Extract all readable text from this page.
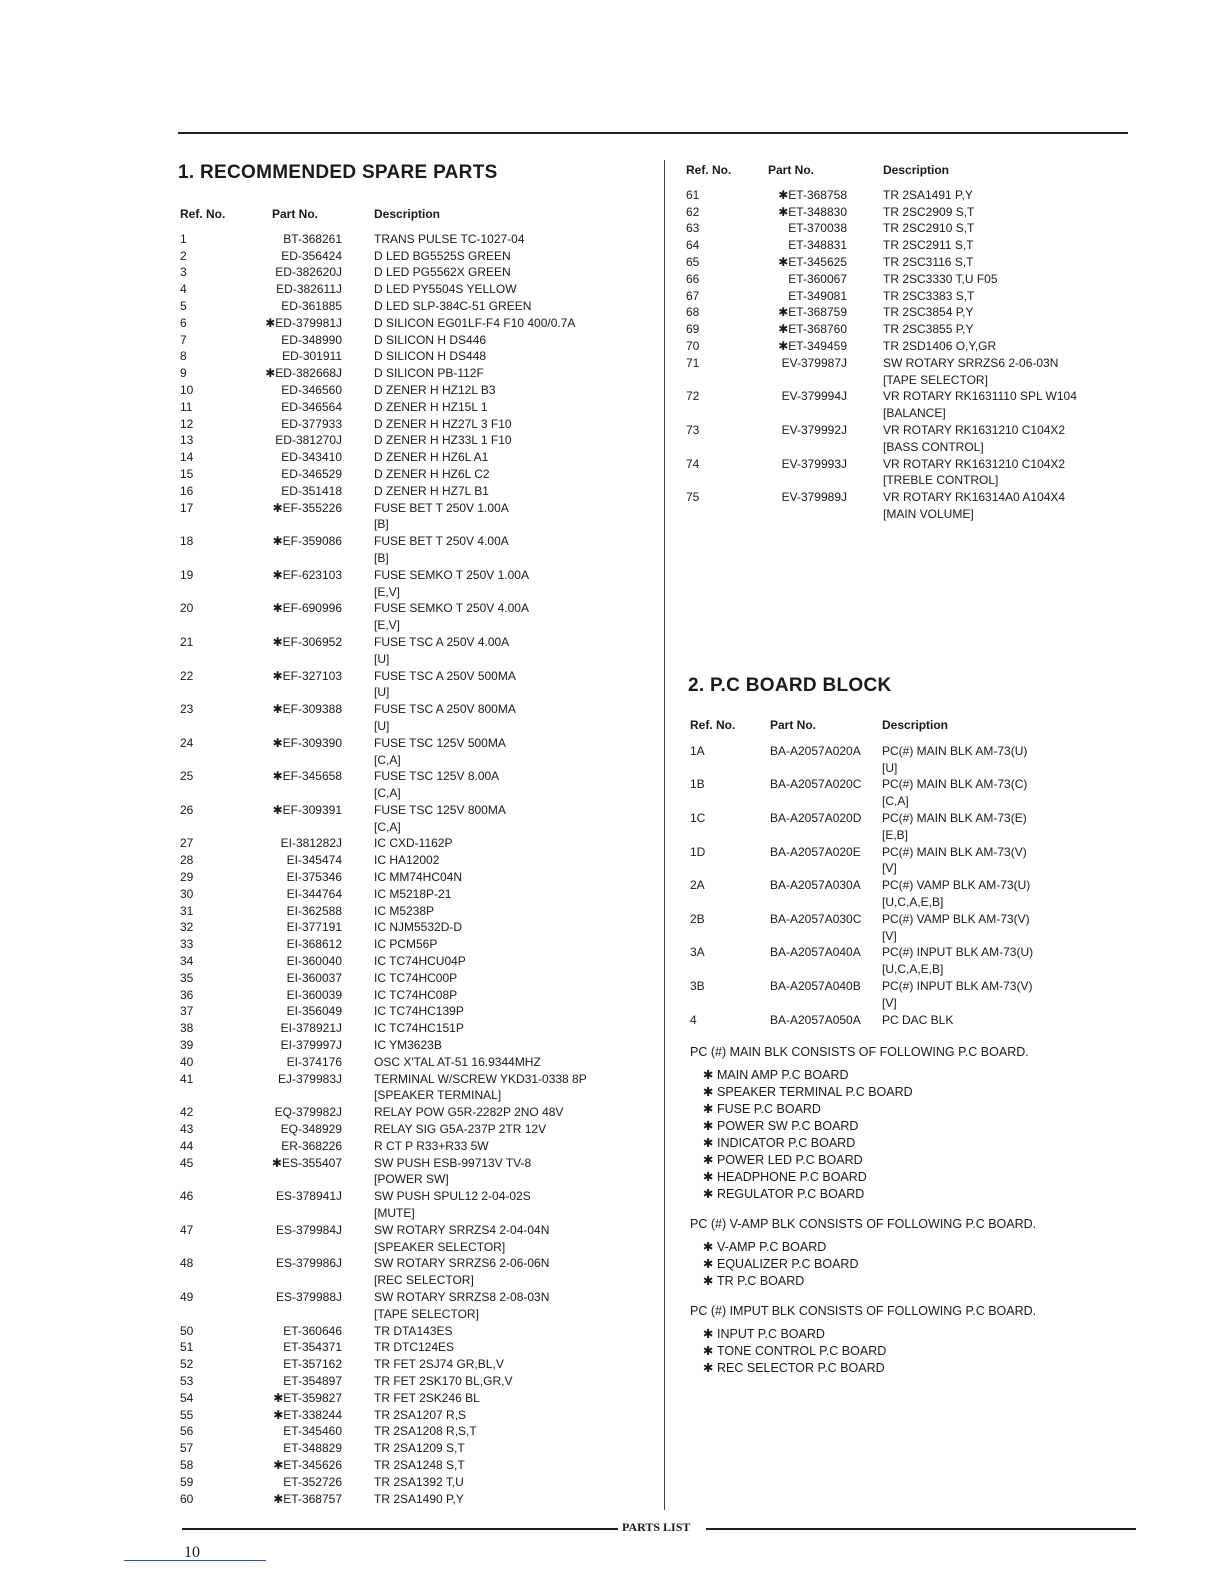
1. RECOMMENDED SPARE PARTS
Ref. No.	Part No.	Description
1	BT-368261	TRANS PULSE TC-1027-04
2	ED-356424	D LED BG5525S GREEN
3	ED-382620J	D LED PG5562X GREEN
4	ED-382611J	D LED PY5504S YELLOW
5	ED-361885	D LED SLP-384C-51 GREEN
6	✱ED-379981J	D SILICON EG01LF-F4 F10 400/0.7A
7	ED-348990	D SILICON H DS446
8	ED-301911	D SILICON H DS448
9	✱ED-382668J	D SILICON PB-112F
10	ED-346560	D ZENER H HZ12L B3
11	ED-346564	D ZENER H HZ15L 1
12	ED-377933	D ZENER H HZ27L 3 F10
13	ED-381270J	D ZENER H HZ33L 1 F10
14	ED-343410	D ZENER H HZ6L A1
15	ED-346529	D ZENER H HZ6L C2
16	ED-351418	D ZENER H HZ7L B1
17	✱EF-355226	FUSE BET T 250V 1.00A
[B]

18	✱EF-359086	FUSE BET T 250V 4.00A
[B]

19	✱EF-623103	FUSE SEMKO T 250V 1.00A
[E,V]

20	✱EF-690996	FUSE SEMKO T 250V 4.00A
[E,V]

21	✱EF-306952	FUSE TSC A 250V 4.00A
[U]

22	✱EF-327103	FUSE TSC A 250V 500MA
[U]

23	✱EF-309388	FUSE TSC A 250V 800MA
[U]

24	✱EF-309390	FUSE TSC 125V 500MA
[C,A]

25	✱EF-345658	FUSE TSC 125V 8.00A
[C,A]

26	✱EF-309391	FUSE TSC 125V 800MA
[C,A]

27	EI-381282J	IC CXD-1162P
28	EI-345474	IC HA12002
29	EI-375346	IC MM74HC04N
30	EI-344764	IC M5218P-21
31	EI-362588	IC M5238P
32	EI-377191	IC NJM5532D-D
33	EI-368612	IC PCM56P
34	EI-360040	IC TC74HCU04P
35	EI-360037	IC TC74HC00P
36	EI-360039	IC TC74HC08P
37	EI-356049	IC TC74HC139P
38	EI-378921J	IC TC74HC151P
39	EI-379997J	IC YM3623B
40	EI-374176	OSC X'TAL AT-51 16.9344MHZ
41	EJ-379983J	TERMINAL W/SCREW YKD31-0338 8P
[SPEAKER TERMINAL]

42	EQ-379982J	RELAY POW G5R-2282P 2NO 48V
43	EQ-348929	RELAY SIG G5A-237P 2TR 12V
44	ER-368226	R CT P R33+R33 5W
45	✱ES-355407	SW PUSH ESB-99713V TV-8
[POWER SW]

46	ES-378941J	SW PUSH SPUL12 2-04-02S
[MUTE]

47	ES-379984J	SW ROTARY SRRZS4 2-04-04N
[SPEAKER SELECTOR]

48	ES-379986J	SW ROTARY SRRZS6 2-06-06N
[REC SELECTOR]

49	ES-379988J	SW ROTARY SRRZS8 2-08-03N
[TAPE SELECTOR]

50	ET-360646	TR DTA143ES
51	ET-354371	TR DTC124ES
52	ET-357162	TR FET 2SJ74 GR,BL,V
53	ET-354897	TR FET 2SK170 BL,GR,V
54	✱ET-359827	TR FET 2SK246 BL
55	✱ET-338244	TR 2SA1207 R,S
56	ET-345460	TR 2SA1208 R,S,T
57	ET-348829	TR 2SA1209 S,T
58	✱ET-345626	TR 2SA1248 S,T
59	ET-352726	TR 2SA1392 T,U
60	✱ET-368757	TR 2SA1490 P,Y
Ref. No.	Part No.	Description
61	✱ET-368758	TR 2SA1491 P,Y
62	✱ET-348830	TR 2SC2909 S,T
63	ET-370038	TR 2SC2910 S,T
64	ET-348831	TR 2SC2911 S,T
65	✱ET-345625	TR 2SC3116 S,T
66	ET-360067	TR 2SC3330 T,U F05
67	ET-349081	TR 2SC3383 S,T
68	✱ET-368759	TR 2SC3854 P,Y
69	✱ET-368760	TR 2SC3855 P,Y
70	✱ET-349459	TR 2SD1406 O,Y,GR
71	EV-379987J	SW ROTARY SRRZS6 2-06-03N
[TAPE SELECTOR]

72	EV-379994J	VR ROTARY RK1631110 SPL W104
[BALANCE]

73	EV-379992J	VR ROTARY RK1631210 C104X2
[BASS CONTROL]

74	EV-379993J	VR ROTARY RK1631210 C104X2
[TREBLE CONTROL]

75	EV-379989J	VR ROTARY RK16314A0 A104X4
[MAIN VOLUME]
2. P.C BOARD BLOCK
Ref. No.	Part No.	Description
1A	BA-A2057A020A	PC(#) MAIN BLK AM-73(U)
[U]

1B	BA-A2057A020C	PC(#) MAIN BLK AM-73(C)
[C,A]

1C	BA-A2057A020D	PC(#) MAIN BLK AM-73(E)
[E,B]

1D	BA-A2057A020E	PC(#) MAIN BLK AM-73(V)
[V]

2A	BA-A2057A030A	PC(#) VAMP BLK AM-73(U)
[U,C,A,E,B]

2B	BA-A2057A030C	PC(#) VAMP BLK AM-73(V)
[V]

3A	BA-A2057A040A	PC(#) INPUT BLK AM-73(U)
[U,C,A,E,B]

3B	BA-A2057A040B	PC(#) INPUT BLK AM-73(V)
[V]

4	BA-A2057A050A	PC DAC BLK

PC (#) MAIN BLK CONSISTS OF FOLLOWING P.C BOARD.

✱ MAIN AMP P.C BOARD
✱ SPEAKER TERMINAL P.C BOARD
✱ FUSE P.C BOARD
✱ POWER SW P.C BOARD
✱ INDICATOR P.C BOARD
✱ POWER LED P.C BOARD
✱ HEADPHONE P.C BOARD
✱ REGULATOR P.C BOARD

PC (#) V-AMP BLK CONSISTS OF FOLLOWING P.C BOARD.

✱ V-AMP P.C BOARD
✱ EQUALIZER P.C BOARD
✱ TR P.C BOARD

PC (#) IMPUT BLK CONSISTS OF FOLLOWING P.C BOARD.

✱ INPUT P.C BOARD
✱ TONE CONTROL P.C BOARD
✱ REC SELECTOR P.C BOARD
PARTS LIST
10
